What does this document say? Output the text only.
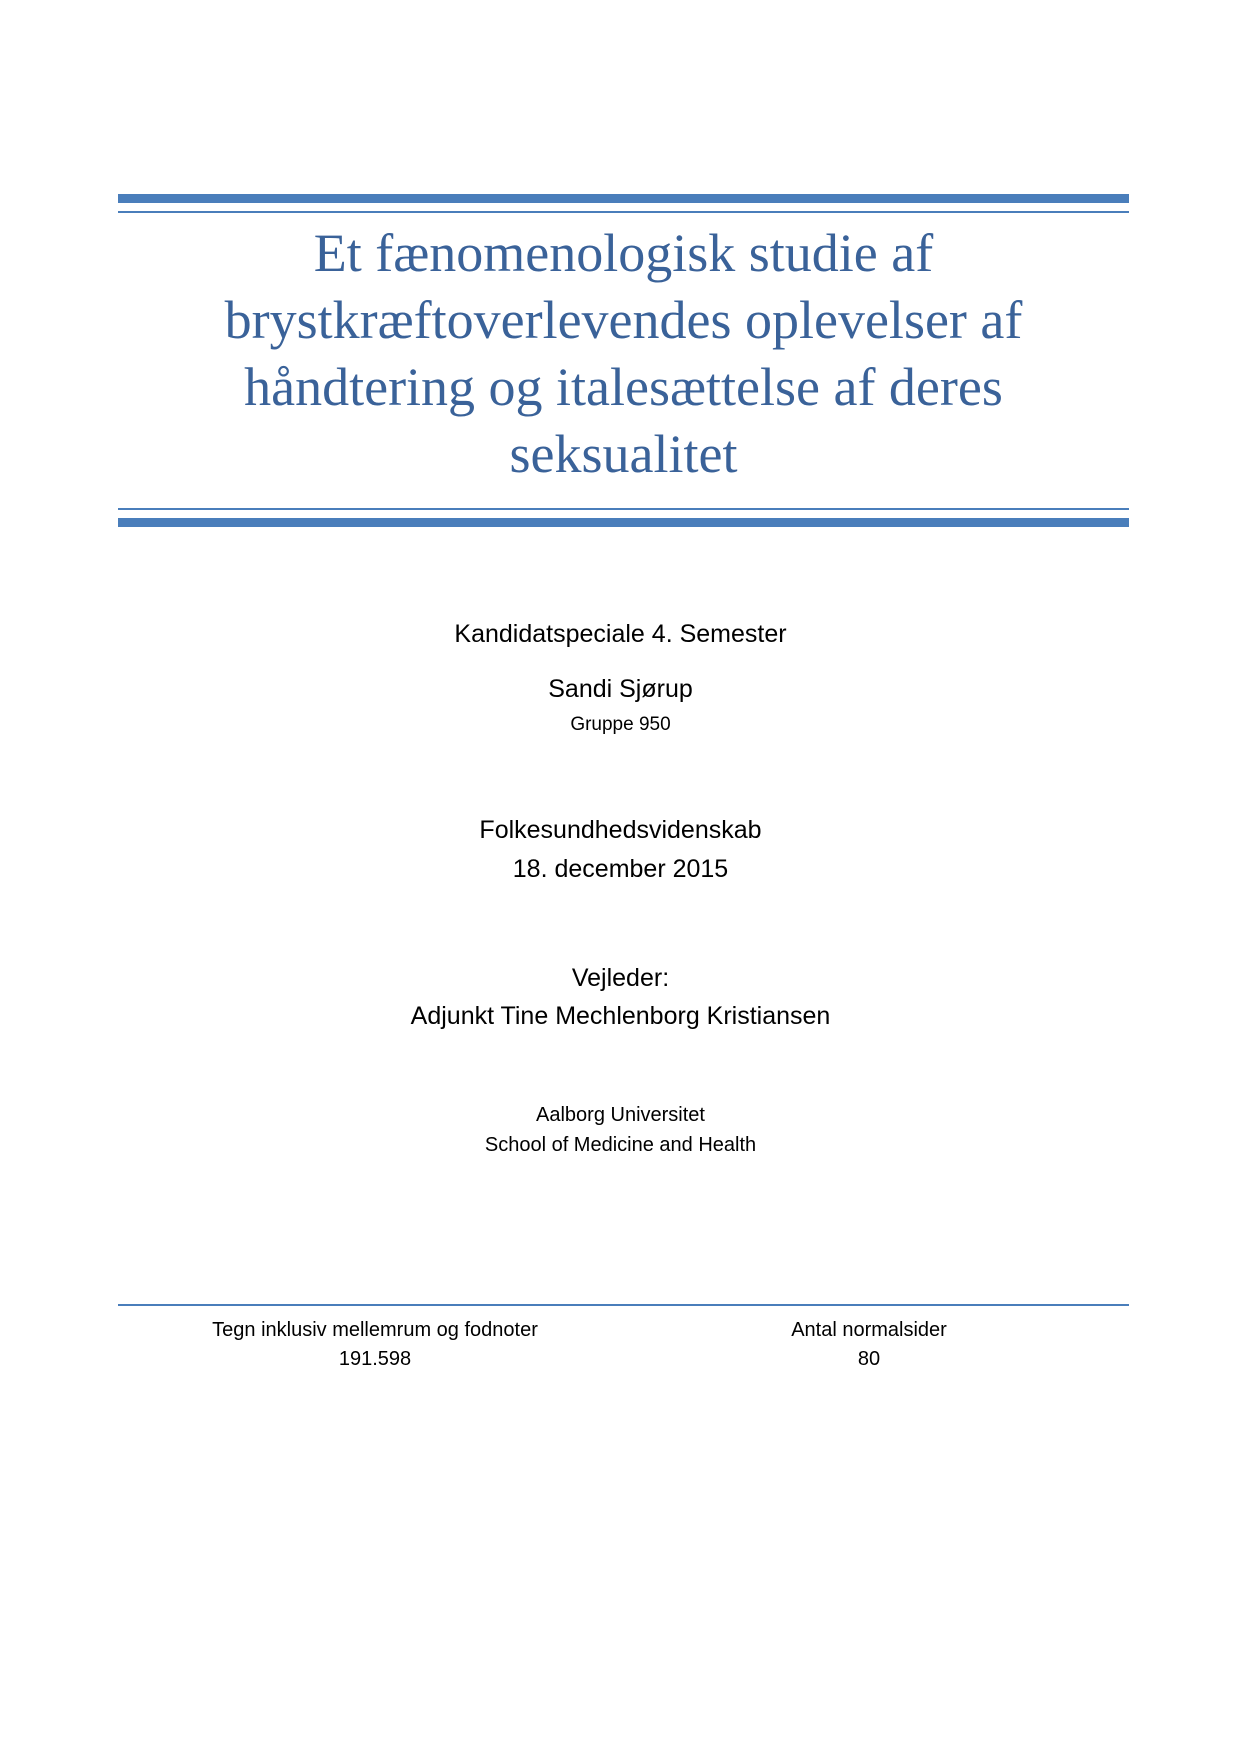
Et fænomenologisk studie af
brystkræftoverlevendes oplevelser af
håndtering og italesættelse af deres
seksualitet
Kandidatspeciale 4. Semester
Sandi Sjørup
Gruppe 950
Folkesundhedsvidenskab
18. december 2015
Vejleder:
Adjunkt Tine Mechlenborg Kristiansen
Aalborg Universitet
School of Medicine and Health
Tegn inklusiv mellemrum og fodnoter
191.598
Antal normalsider
80
